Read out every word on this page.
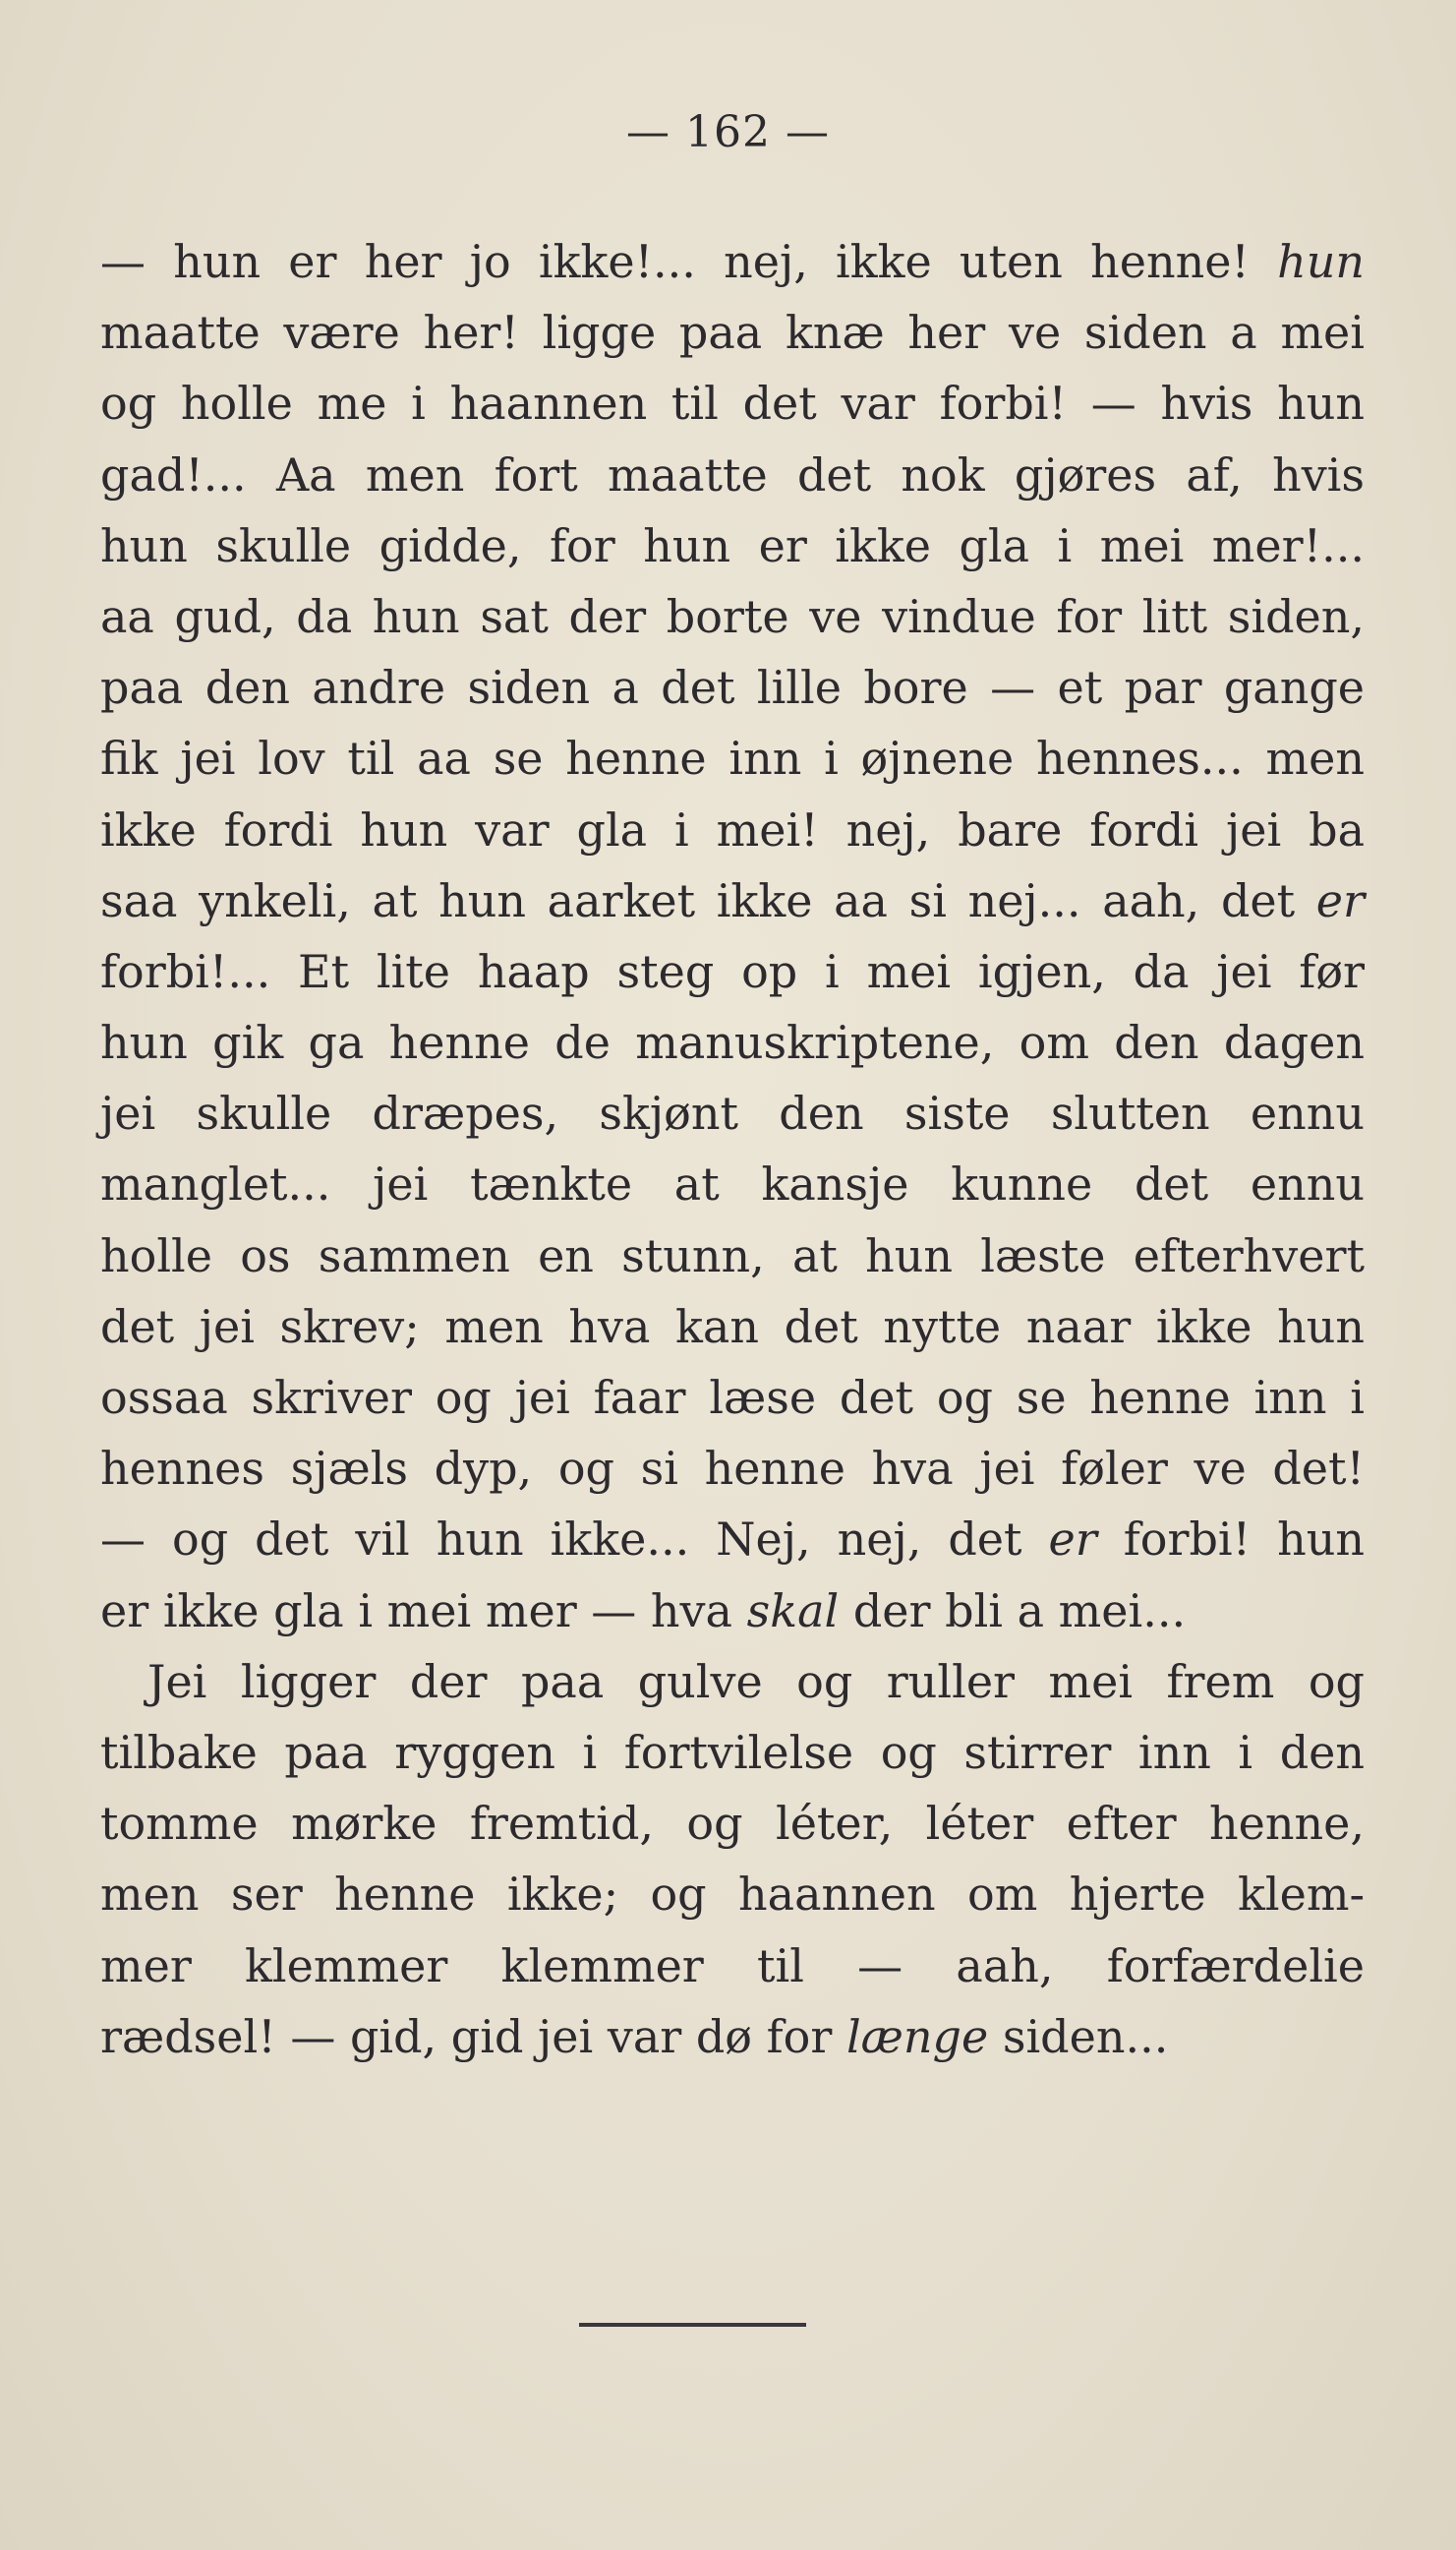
— 162 —
— hun er her jo ikke!... nej, ikke uten henne! hun
maatte være her! ligge paa knæ her ve siden a mei
og holle me i haannen til det var forbi! — hvis hun
gad!... Aa men fort maatte det nok gjøres af, hvis
hun skulle gidde, for hun er ikke gla i mei mer!...
aa gud, da hun sat der borte ve vindue for litt siden,
paa den andre siden a det lille bore — et par gange
fik jei lov til aa se henne inn i øjnene hennes... men
ikke fordi hun var gla i mei! nej, bare fordi jei ba
saa ynkeli, at hun aarket ikke aa si nej... aah, det er
forbi!... Et lite haap steg op i mei igjen, da jei før
hun gik ga henne de manuskriptene, om den dagen
jei skulle dræpes, skjønt den siste slutten ennu
manglet... jei tænkte at kansje kunne det ennu
holle os sammen en stunn, at hun læste efterhvert
det jei skrev; men hva kan det nytte naar ikke hun
ossaa skriver og jei faar læse det og se henne inn i
hennes sjæls dyp, og si henne hva jei føler ve det!
— og det vil hun ikke... Nej, nej, det er forbi! hun
er ikke gla i mei mer — hva skal der bli a mei...
Jei ligger der paa gulve og ruller mei frem og
tilbake paa ryggen i fortvilelse og stirrer inn i den
tomme mørke fremtid, og léter, léter efter henne,
men ser henne ikke; og haannen om hjerte klem-
mer klemmer klemmer til — aah, forfærdelie
rædsel! — gid, gid jei var dø for længe siden...
